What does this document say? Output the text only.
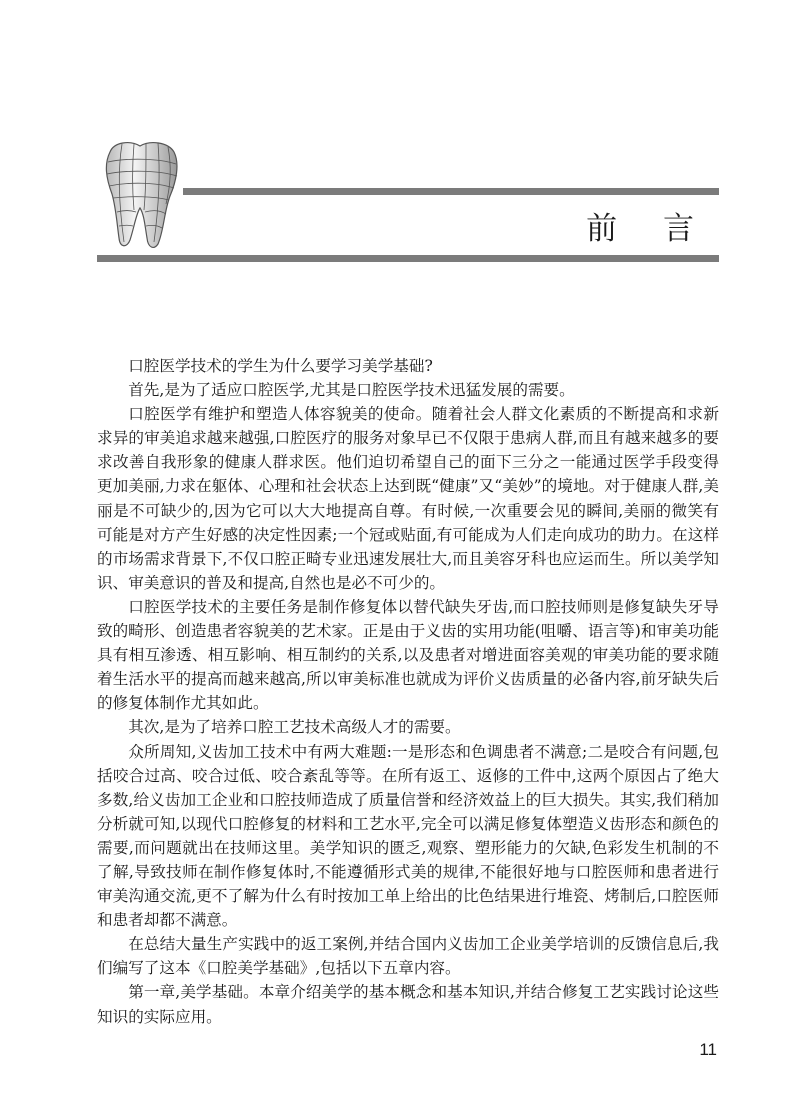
前 言

口腔医学技术的学生为什么要学习美学基础?

首先,是为了适应口腔医学,尤其是口腔医学技术迅猛发展的需要。

口腔医学有维护和塑造人体容貌美的使命。随着社会人群文化素质的不断提高和求新求异的审美追求越来越强,口腔医疗的服务对象早已不仅限于患病人群,而且有越来越多的要求改善自我形象的健康人群求医。他们迫切希望自己的面下三分之一能通过医学手段变得更加美丽,力求在躯体、心理和社会状态上达到既“健康”又“美妙”的境地。对于健康人群,美丽是不可缺少的,因为它可以大大地提高自尊。有时候,一次重要会见的瞬间,美丽的微笑有可能是对方产生好感的决定性因素;一个冠或贴面,有可能成为人们走向成功的助力。在这样的市场需求背景下,不仅口腔正畸专业迅速发展壮大,而且美容牙科也应运而生。所以美学知识、审美意识的普及和提高,自然也是必不可少的。

口腔医学技术的主要任务是制作修复体以替代缺失牙齿,而口腔技师则是修复缺失牙导致的畸形、创造患者容貌美的艺术家。正是由于义齿的实用功能(咀嚼、语言等)和审美功能具有相互渗透、相互影响、相互制约的关系,以及患者对增进面容美观的审美功能的要求随着生活水平的提高而越来越高,所以审美标准也就成为评价义齿质量的必备内容,前牙缺失后的修复体制作尤其如此。

其次,是为了培养口腔工艺技术高级人才的需要。

众所周知,义齿加工技术中有两大难题:一是形态和色调患者不满意;二是咬合有问题,包括咬合过高、咬合过低、咬合紊乱等等。在所有返工、返修的工件中,这两个原因占了绝大多数,给义齿加工企业和口腔技师造成了质量信誉和经济效益上的巨大损失。其实,我们稍加分析就可知,以现代口腔修复的材料和工艺水平,完全可以满足修复体塑造义齿形态和颜色的需要,而问题就出在技师这里。美学知识的匮乏,观察、塑形能力的欠缺,色彩发生机制的不了解,导致技师在制作修复体时,不能遵循形式美的规律,不能很好地与口腔医师和患者进行审美沟通交流,更不了解为什么有时按加工单上给出的比色结果进行堆瓷、烤制后,口腔医师和患者却都不满意。

在总结大量生产实践中的返工案例,并结合国内义齿加工企业美学培训的反馈信息后,我们编写了这本《口腔美学基础》,包括以下五章内容。

第一章,美学基础。本章介绍美学的基本概念和基本知识,并结合修复工艺实践讨论这些知识的实际应用。

11
